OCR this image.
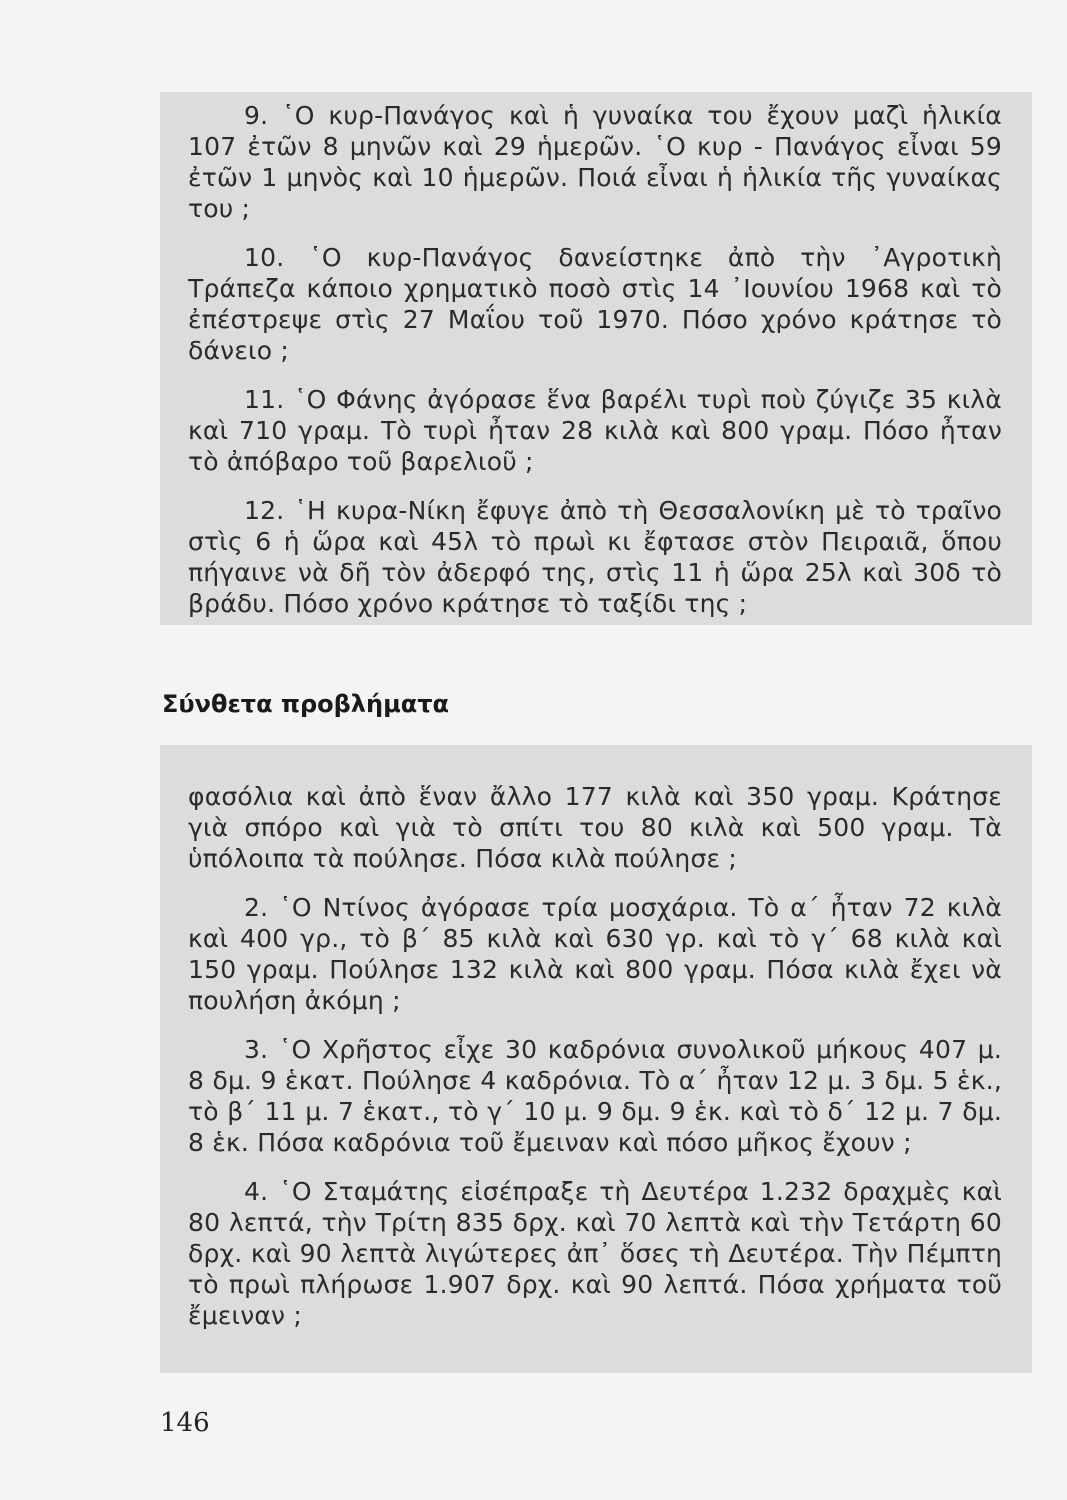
9. ῾Ο κυρ-Πανάγος καὶ ἡ γυναίκα του ἔχουν μαζὶ ἡλικία 107 ἐτῶν 8 μηνῶν καὶ 29 ἡμερῶν. ῾Ο κυρ - Πανάγος εἶναι 59 ἐτῶν 1 μηνὸς καὶ 10 ἡμερῶν. Ποιά εἶναι ἡ ἡλικία τῆς γυναίκας του ;

10. ῾Ο κυρ-Πανάγος δανείστηκε ἀπὸ τὴν ᾿Αγροτικὴ Τράπεζα κάποιο χρηματικὸ ποσὸ στὶς 14 ᾿Ιουνίου 1968 καὶ τὸ ἐπέστρεψε στὶς 27 Μαΐου τοῦ 1970. Πόσο χρόνο κράτησε τὸ δάνειο ;

11. ῾Ο Φάνης ἀγόρασε ἕνα βαρέλι τυρὶ ποὺ ζύγιζε 35 κιλὰ καὶ 710 γραμ. Τὸ τυρὶ ἦταν 28 κιλὰ καὶ 800 γραμ. Πόσο ἦταν τὸ ἀπόβαρο τοῦ βαρελιοῦ ;

12. ῾Η κυρα-Νίκη ἔφυγε ἀπὸ τὴ Θεσσαλονίκη μὲ τὸ τραῖνο στὶς 6 ἡ ὥρα καὶ 45λ τὸ πρωὶ κι ἔφτασε στὸν Πειραιᾶ, ὅπου πήγαινε νὰ δῆ τὸν ἀδερφό της, στὶς 11 ἡ ὥρα 25λ καὶ 30δ τὸ βράδυ. Πόσο χρόνο κράτησε τὸ ταξίδι της ;

Σύνθετα προβλήματα

φασόλια καὶ ἀπὸ ἕναν ἄλλο 177 κιλὰ καὶ 350 γραμ. Κράτησε γιὰ σπόρο καὶ γιὰ τὸ σπίτι του 80 κιλὰ καὶ 500 γραμ. Τὰ ὑπόλοιπα τὰ πούλησε. Πόσα κιλὰ πούλησε ;

2. ῾Ο Ντίνος ἀγόρασε τρία μοσχάρια. Τὸ α΄ ἦταν 72 κιλὰ καὶ 400 γρ., τὸ β΄ 85 κιλὰ καὶ 630 γρ. καὶ τὸ γ΄ 68 κιλὰ καὶ 150 γραμ. Πούλησε 132 κιλὰ καὶ 800 γραμ. Πόσα κιλὰ ἔχει νὰ πουλήση ἀκόμη ;

3. ῾Ο Χρῆστος εἶχε 30 καδρόνια συνολικοῦ μήκους 407 μ. 8 δμ. 9 ἑκατ. Πούλησε 4 καδρόνια. Τὸ α΄ ἦταν 12 μ. 3 δμ. 5 ἑκ., τὸ β΄ 11 μ. 7 ἑκατ., τὸ γ΄ 10 μ. 9 δμ. 9 ἑκ. καὶ τὸ δ΄ 12 μ. 7 δμ. 8 ἑκ. Πόσα καδρόνια τοῦ ἔμειναν καὶ πόσο μῆκος ἔχουν ;

4. ῾Ο Σταμάτης εἰσέπραξε τὴ Δευτέρα 1.232 δραχμὲς καὶ 80 λεπτά, τὴν Τρίτη 835 δρχ. καὶ 70 λεπτὰ καὶ τὴν Τετάρτη 60 δρχ. καὶ 90 λεπτὰ λιγώτερες ἀπ᾿ ὅσες τὴ Δευτέρα. Τὴν Πέμπτη τὸ πρωὶ πλήρωσε 1.907 δρχ. καὶ 90 λεπτά. Πόσα χρήματα τοῦ ἔμειναν ;

146
